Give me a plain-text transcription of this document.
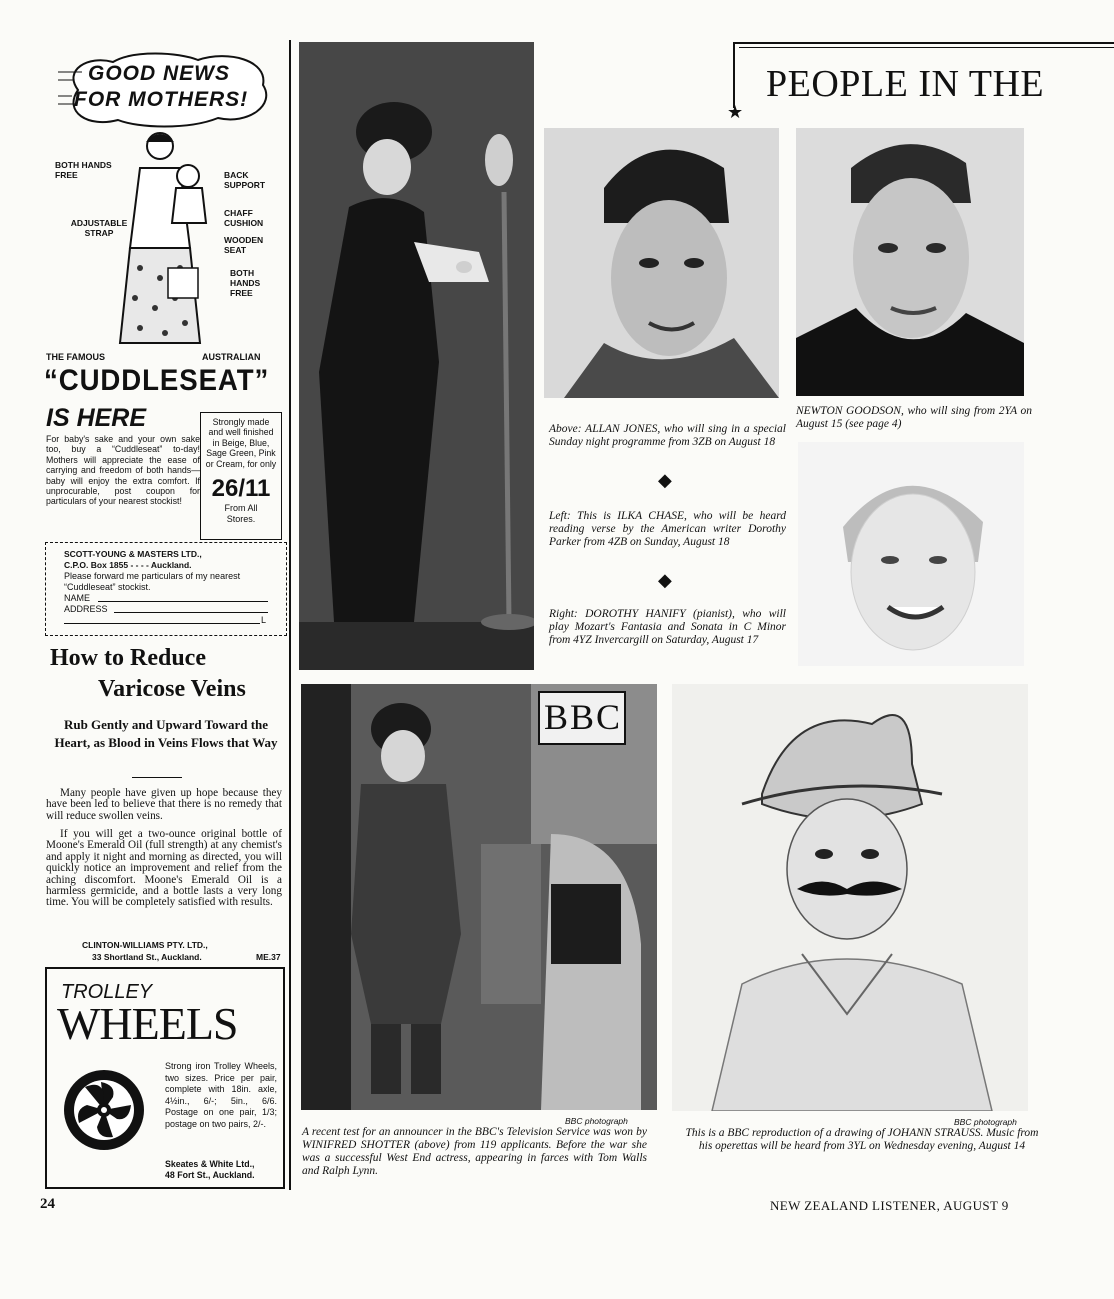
GOOD NEWS
FOR MOTHERS!
BOTH HANDS FREE
ADJUSTABLE STRAP
BACK SUPPORT
CHAFF CUSHION
WOODEN SEAT
BOTH HANDS FREE
THE FAMOUS	AUSTRALIAN
“CUDDLESEAT”
IS HERE
For baby's sake and your own sake too, buy a “Cuddleseat” to-day! Mothers will appreciate the ease of carrying and freedom of both hands—baby will enjoy the extra comfort. If unprocurable, post coupon for particulars of your nearest stockist!
Strongly made and well finished in Beige, Blue, Sage Green, Pink or Cream, for only
26/11
From All Stores.
SCOTT-YOUNG & MASTERS LTD.,
C.P.O. Box 1855 - - - - Auckland.
Please forward me particulars of my nearest “Cuddleseat” stockist.
NAME
ADDRESS
L
How to Reduce
Varicose Veins
Rub Gently and Upward Toward the Heart, as Blood in Veins Flows that Way
Many people have given up hope because they have been led to believe that there is no remedy that will reduce swollen veins.
If you will get a two-ounce original bottle of Moone's Emerald Oil (full strength) at any chemist's and apply it night and morning as directed, you will quickly notice an improvement and relief from the aching discomfort. Moone's Emerald Oil is a harmless germicide, and a bottle lasts a very long time. You will be completely satisfied with results.
CLINTON-WILLIAMS PTY. LTD.,
33 Shortland St., Auckland.	ME.37
TROLLEY
WHEELS
Strong iron Trolley Wheels, two sizes. Price per pair, complete with 18in. axle, 4½in., 6/-; 5in., 6/6. Postage on one pair, 1/3; postage on two pairs, 2/-.
Skeates & White Ltd.,
48 Fort St., Auckland.
PEOPLE IN THE
★
NEWTON GOODSON, who will sing from 2YA on August 15 (see page 4)
Above: ALLAN JONES, who will sing in a special Sunday night programme from 3ZB on August 18
◆
Left: This is ILKA CHASE, who will be heard reading verse by the American writer Dorothy Parker from 4ZB on Sunday, August 18
◆
Right: DOROTHY HANIFY (pianist), who will play Mozart's Fantasia and Sonata in C Minor from 4YZ Invercargill on Saturday, August 17
BBC
BBC photograph
A recent test for an announcer in the BBC's Television Service was won by WINIFRED SHOTTER (above) from 119 applicants. Before the war she was a successful West End actress, appearing in farces with Tom Walls and Ralph Lynn.
BBC photograph
This is a BBC reproduction of a drawing of JOHANN STRAUSS. Music from his operettas will be heard from 3YL on Wednesday evening, August 14
24	NEW ZEALAND LISTENER, AUGUST 9
